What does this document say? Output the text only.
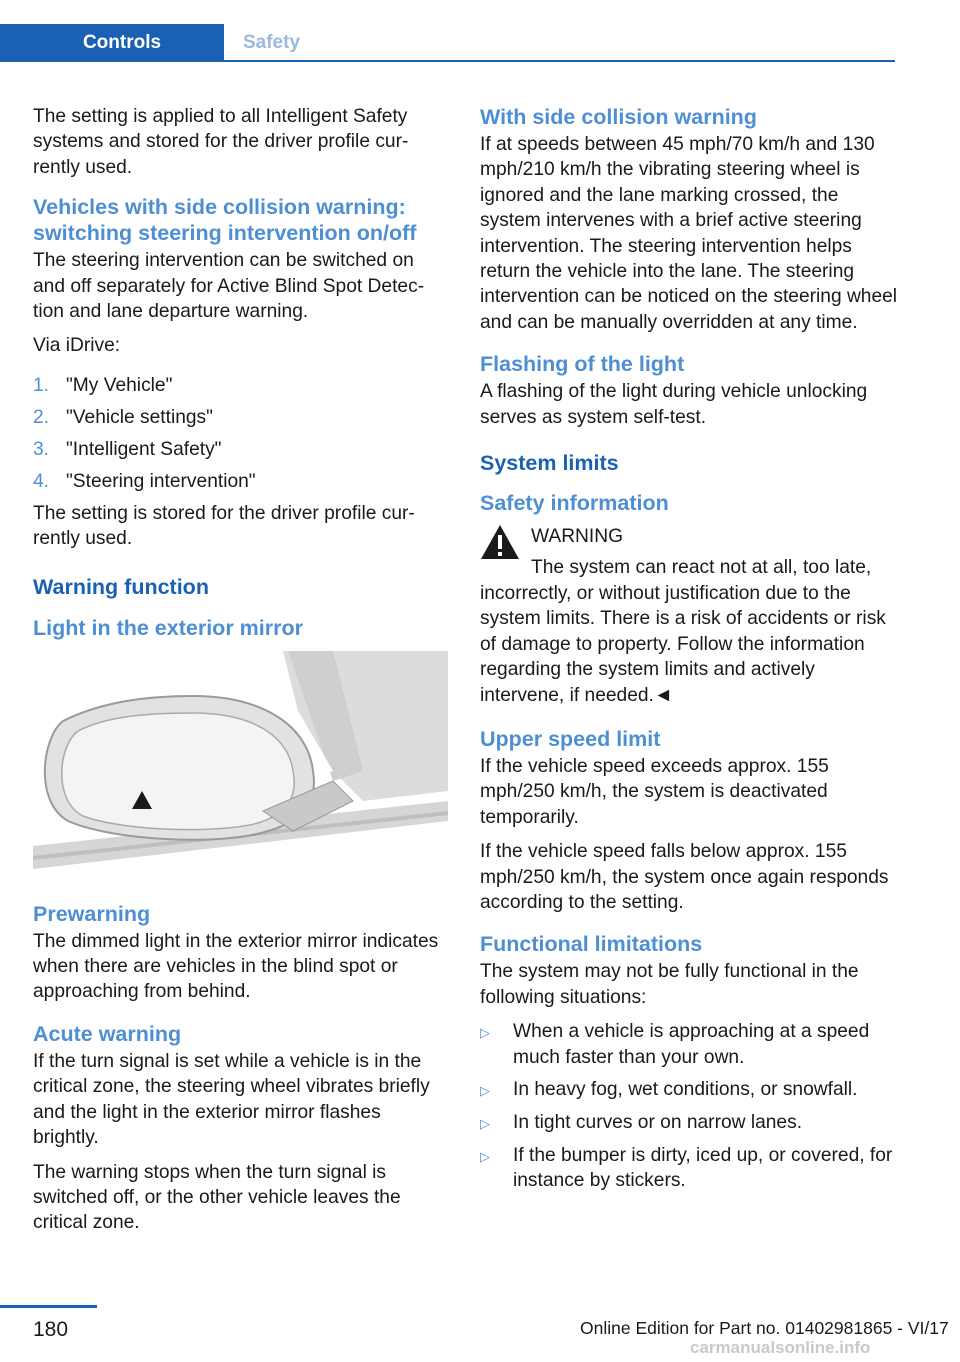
Controls	Safety

The setting is applied to all Intelligent Safety systems and stored for the driver profile currently used.

Vehicles with side collision warning: switching steering intervention on/off

The steering intervention can be switched on and off separately for Active Blind Spot Detection and lane departure warning.

Via iDrive:

1. "My Vehicle"
2. "Vehicle settings"
3. "Intelligent Safety"
4. "Steering intervention"

The setting is stored for the driver profile currently used.

Warning function
Light in the exterior mirror
Prewarning

The dimmed light in the exterior mirror indicates when there are vehicles in the blind spot or approaching from behind.

Acute warning

If the turn signal is set while a vehicle is in the critical zone, the steering wheel vibrates briefly and the light in the exterior mirror flashes brightly.

The warning stops when the turn signal is switched off, or the other vehicle leaves the critical zone.

With side collision warning

If at speeds between 45 mph/70 km/h and 130 mph/210 km/h the vibrating steering wheel is ignored and the lane marking crossed, the system intervenes with a brief active steering intervention. The steering intervention helps return the vehicle into the lane. The steering intervention can be noticed on the steering wheel and can be manually overridden at any time.

Flashing of the light

A flashing of the light during vehicle unlocking serves as system self-test.

System limits
Safety information
WARNING

The system can react not at all, too late, incorrectly, or without justification due to the system limits. There is a risk of accidents or risk of damage to property. Follow the information regarding the system limits and actively intervene, if needed.◄

Upper speed limit

If the vehicle speed exceeds approx. 155 mph/250 km/h, the system is deactivated temporarily.

If the vehicle speed falls below approx. 155 mph/250 km/h, the system once again responds according to the setting.

Functional limitations

The system may not be fully functional in the following situations:

▷	When a vehicle is approaching at a speed much faster than your own.
▷	In heavy fog, wet conditions, or snowfall.
▷	In tight curves or on narrow lanes.
▷	If the bumper is dirty, iced up, or covered, for instance by stickers.
180	Online Edition for Part no. 01402981865 - VI/17
carmanualsonline.info
